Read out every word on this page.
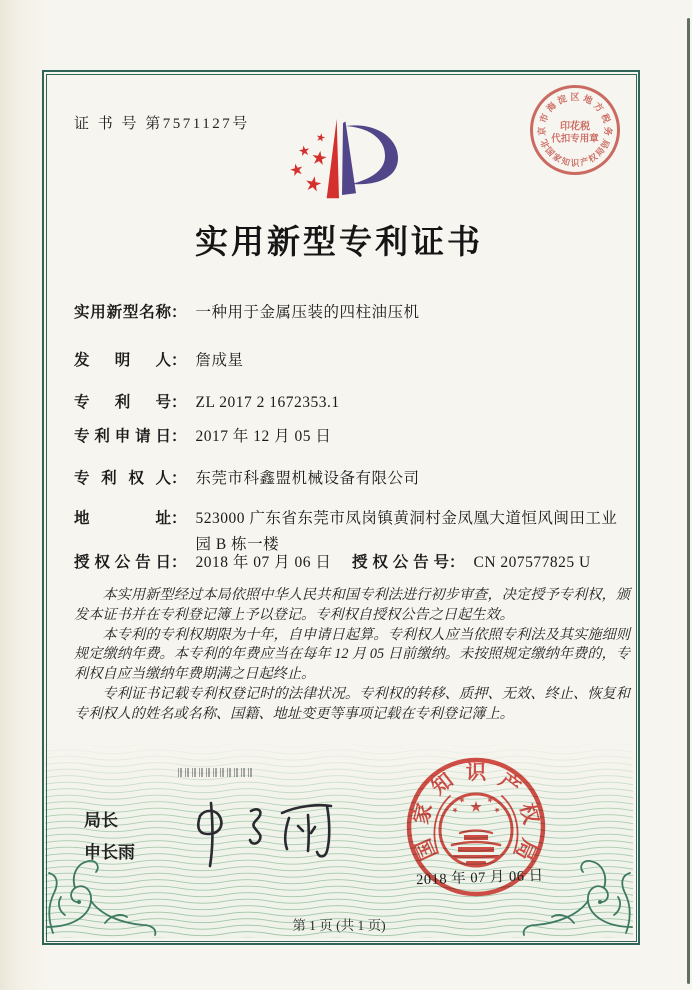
证 书 号 第7571127号
实用新型专利证书
实用新型名称： 一种用于金属压装的四柱油压机
发明人： 詹成星
专利号： ZL 2017 2 1672353.1
专利申请日： 2017 年 12 月 05 日
专利权人： 东莞市科鑫盟机械设备有限公司
地址： 523000 广东省东莞市凤岗镇黄洞村金凤凰大道恒风闽田工业园 B 栋一楼
授权公告日： 2018 年 07 月 06 日 授权公告号： CN 207577825 U

本实用新型经过本局依照中华人民共和国专利法进行初步审查，决定授予专利权，颁发本证书并在专利登记簿上予以登记。专利权自授权公告之日起生效。

本专利的专利权期限为十年，自申请日起算。专利权人应当依照专利法及其实施细则规定缴纳年费。本专利的年费应当在每年 12 月 05 日前缴纳。未按照规定缴纳年费的，专利权自应当缴纳年费期满之日起终止。

专利证书记载专利权登记时的法律状况。专利权的转移、质押、无效、终止、恢复和专利权人的姓名或名称、国籍、地址变更等事项记载在专利登记簿上。

局长
申长雨	国
家
知 识 产
权
局
2018 年 07 月 06 日
北
京
市
海
淀 区 地
方
税
务
局
印花税
代扣专用章
国
家
知 识 产
权
局
第 1 页 (共 1 页)
